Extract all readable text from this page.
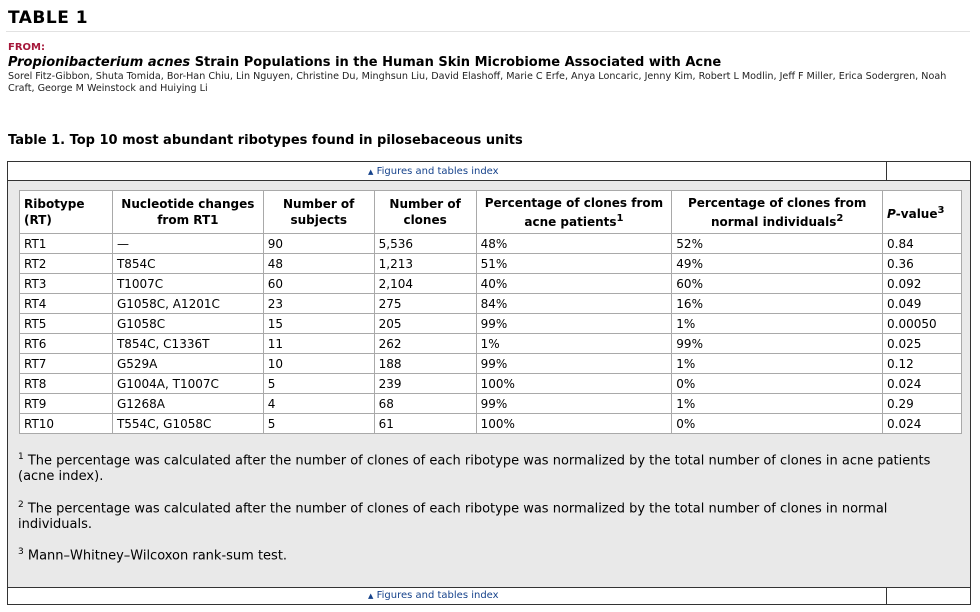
TABLE 1
FROM:
Propionibacterium acnes Strain Populations in the Human Skin Microbiome Associated with Acne
Sorel Fitz-Gibbon, Shuta Tomida, Bor-Han Chiu, Lin Nguyen, Christine Du, Minghsun Liu, David Elashoff, Marie C Erfe, Anya Loncaric, Jenny Kim, Robert L Modlin, Jeff F Miller, Erica Sodergren, Noah Craft, George M Weinstock and Huiying Li
Table 1. Top 10 most abundant ribotypes found in pilosebaceous units
▲ Figures and tables index
Ribotype (RT)	Nucleotide changes from RT1	Number of subjects	Number of clones	Percentage of clones from acne patients$^1$	Percentage of clones from normal individuals$^2$	P-value$^3$
RT1	—	90	5,536	48%	52%	0.84
RT2	T854C	48	1,213	51%	49%	0.36
RT3	T1007C	60	2,104	40%	60%	0.092
RT4	G1058C, A1201C	23	275	84%	16%	0.049
RT5	G1058C	15	205	99%	1%	0.00050
RT6	T854C, C1336T	11	262	1%	99%	0.025
RT7	G529A	10	188	99%	1%	0.12
RT8	G1004A, T1007C	5	239	100%	0%	0.024
RT9	G1268A	4	68	99%	1%	0.29
RT10	T554C, G1058C	5	61	100%	0%	0.024
$^1$ The percentage was calculated after the number of clones of each ribotype was normalized by the total number of clones in acne patients (acne index).
$^2$ The percentage was calculated after the number of clones of each ribotype was normalized by the total number of clones in normal individuals.
$^3$ Mann–Whitney–Wilcoxon rank-sum test.
▲ Figures and tables index
